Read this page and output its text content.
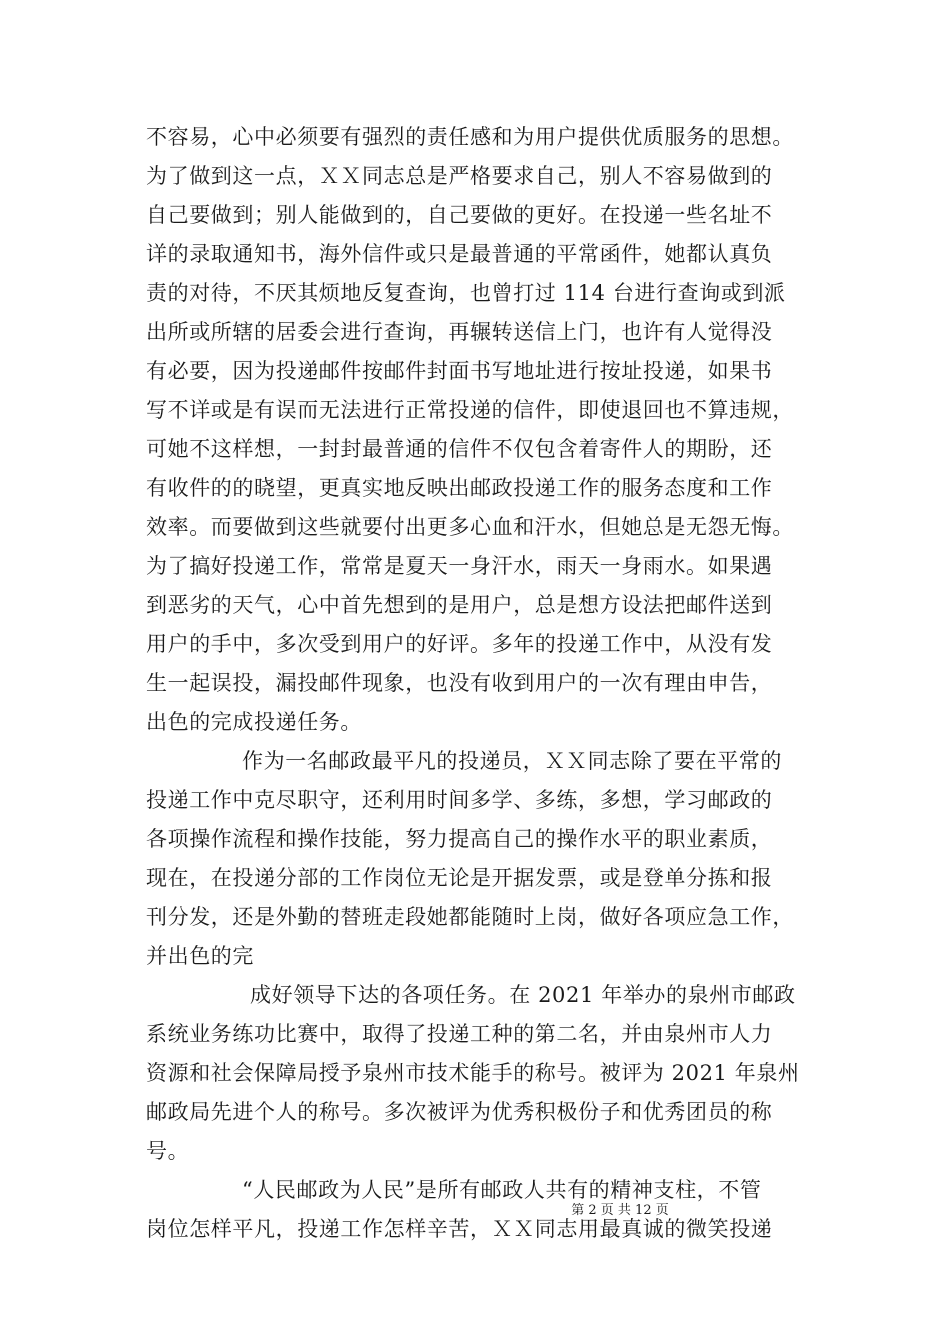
不容易，心中必须要有强烈的责任感和为用户提供优质服务的思想。
为了做到这一点，ＸＸ同志总是严格要求自己，别人不容易做到的
自己要做到；别人能做到的，自己要做的更好。在投递一些名址不
详的录取通知书，海外信件或只是最普通的平常函件，她都认真负
责的对待，不厌其烦地反复查询，也曾打过 114 台进行查询或到派
出所或所辖的居委会进行查询，再辗转送信上门，也许有人觉得没
有必要，因为投递邮件按邮件封面书写地址进行按址投递，如果书
写不详或是有误而无法进行正常投递的信件，即使退回也不算违规，
可她不这样想，一封封最普通的信件不仅包含着寄件人的期盼，还
有收件的的晓望，更真实地反映出邮政投递工作的服务态度和工作
效率。而要做到这些就要付出更多心血和汗水，但她总是无怨无悔。
为了搞好投递工作，常常是夏天一身汗水，雨天一身雨水。如果遇
到恶劣的天气，心中首先想到的是用户，总是想方设法把邮件送到
用户的手中，多次受到用户的好评。多年的投递工作中，从没有发
生一起误投，漏投邮件现象，也没有收到用户的一次有理由申告，
出色的完成投递任务。
作为一名邮政最平凡的投递员，ＸＸ同志除了要在平常的
投递工作中克尽职守，还利用时间多学、多练，多想，学习邮政的
各项操作流程和操作技能，努力提高自己的操作水平的职业素质，
现在，在投递分部的工作岗位无论是开据发票，或是登单分拣和报
刊分发，还是外勤的替班走段她都能随时上岗，做好各项应急工作，
并出色的完
成好领导下达的各项任务。在 2021 年举办的泉州市邮政
系统业务练功比赛中，取得了投递工种的第二名，并由泉州市人力
资源和社会保障局授予泉州市技术能手的称号。被评为 2021 年泉州
邮政局先进个人的称号。多次被评为优秀积极份子和优秀团员的称
号。
“人民邮政为人民”是所有邮政人共有的精神支柱，不管
岗位怎样平凡，投递工作怎样辛苦，ＸＸ同志用最真诚的微笑投递
第 2 页 共 12 页
